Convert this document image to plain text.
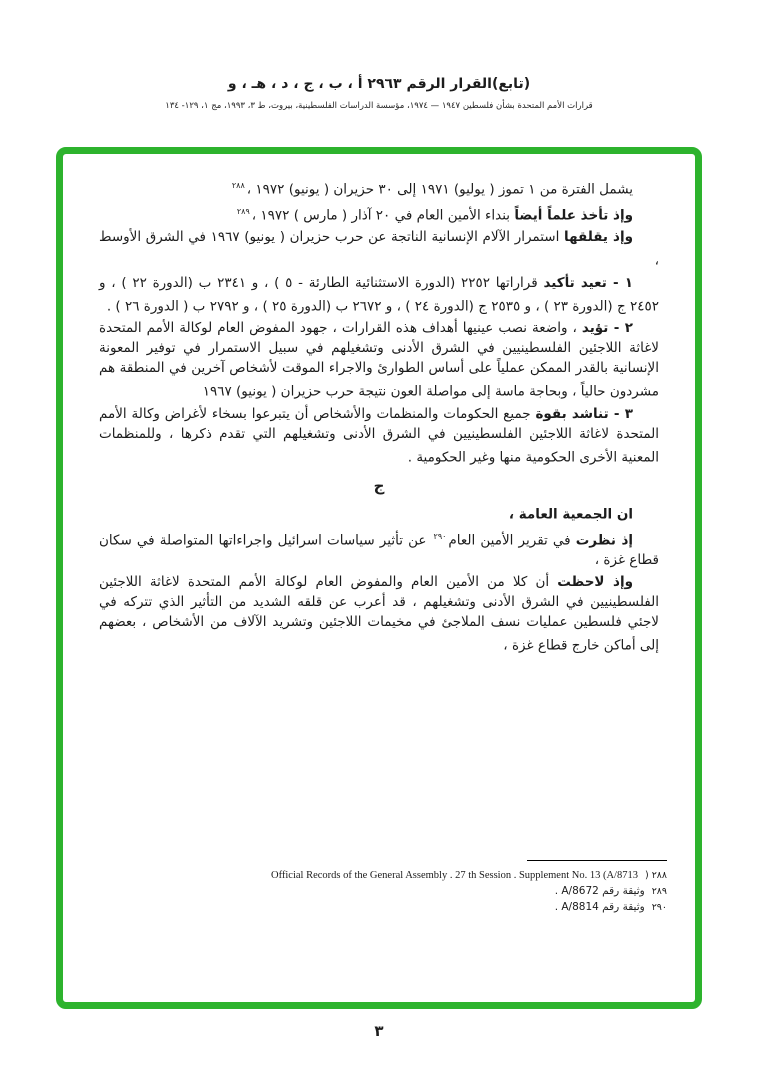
(تابع)القرار الرقم ٢٩٦٣ أ ، ب ، ج ، د ، هـ ، و
قرارات الأمم المتحدة بشأن فلسطين ١٩٤٧ — ١٩٧٤، مؤسسة الدراسات الفلسطينية، بيروت، ط ٣، ١٩٩٣، مج ١، ١٢٩- ١٣٤

يشمل الفترة من ١ تموز ( يوليو) ١٩٧١ إلى ٣٠ حزيران ( يونيو) ١٩٧٢ ،$^{٢٨٨}$

وإذ تأخذ علماً أيضاً بنداء الأمين العام في ٢٠ آذار ( مارس ) ١٩٧٢ ،$^{٢٨٩}$

وإذ يقلقها استمرار الآلام الإنسانية الناتجة عن حرب حزيران ( يونيو) ١٩٦٧ في الشرق الأوسط ،

١ - تعيد تأكيد قراراتها ٢٢٥٢ (الدورة الاستثنائية الطارئة - ٥ ) ، و ٢٣٤١ ب (الدورة ٢٢ ) ، و ٢٤٥٢ ج (الدورة ٢٣ ) ، و ٢٥٣٥ ج (الدورة ٢٤ ) ، و ٢٦٧٢ ب (الدورة ٢٥ ) ، و ٢٧٩٢ ب ( الدورة ٢٦ ) .

٢ - تؤيد ، واضعة نصب عينيها أهداف هذه القرارات ، جهود المفوض العام لوكالة الأمم المتحدة لاغاثة اللاجئين الفلسطينيين في الشرق الأدنى وتشغيلهم في سبيل الاستمرار في توفير المعونة الإنسانية بالقدر الممكن عملياً على أساس الطوارئ والاجراء الموقت لأشخاص آخرين في المنطقة هم مشردون حالياً ، وبحاجة ماسة إلى مواصلة العون نتيجة حرب حزيران ( يونيو) ١٩٦٧

٣ - تناشد بقوة جميع الحكومات والمنظمات والأشخاص أن يتبرعوا بسخاء لأغراض وكالة الأمم المتحدة لاغاثة اللاجئين الفلسطينيين في الشرق الأدنى وتشغيلهم التي تقدم ذكرها ، وللمنظمات المعنية الأخرى الحكومية منها وغير الحكومية .

ج

ان الجمعية العامة ،

إذ نظرت في تقرير الأمين العام$^{٢٩٠}$ عن تأثير سياسات اسرائيل واجراءاتها المتواصلة في سكان قطاع غزة ،

وإذ لاحظت أن كلا من الأمين العام والمفوض العام لوكالة الأمم المتحدة لاغاثة اللاجئين الفلسطينيين في الشرق الأدنى وتشغيلهم ، قد أعرب عن قلقه الشديد من التأثير الذي تتركه في لاجئي فلسطين عمليات نسف الملاجئ في مخيمات اللاجئين وتشريد الآلاف من الأشخاص ، بعضهم إلى أماكن خارج قطاع غزة ،

٢٨٨ (
Official Records of the General Assembly . 27 th Session . Supplement No. 13 (A/8713
٢٨٩
وثيقة رقم A/8672 .
٢٩٠
وثيقة رقم A/8814 .
٣
